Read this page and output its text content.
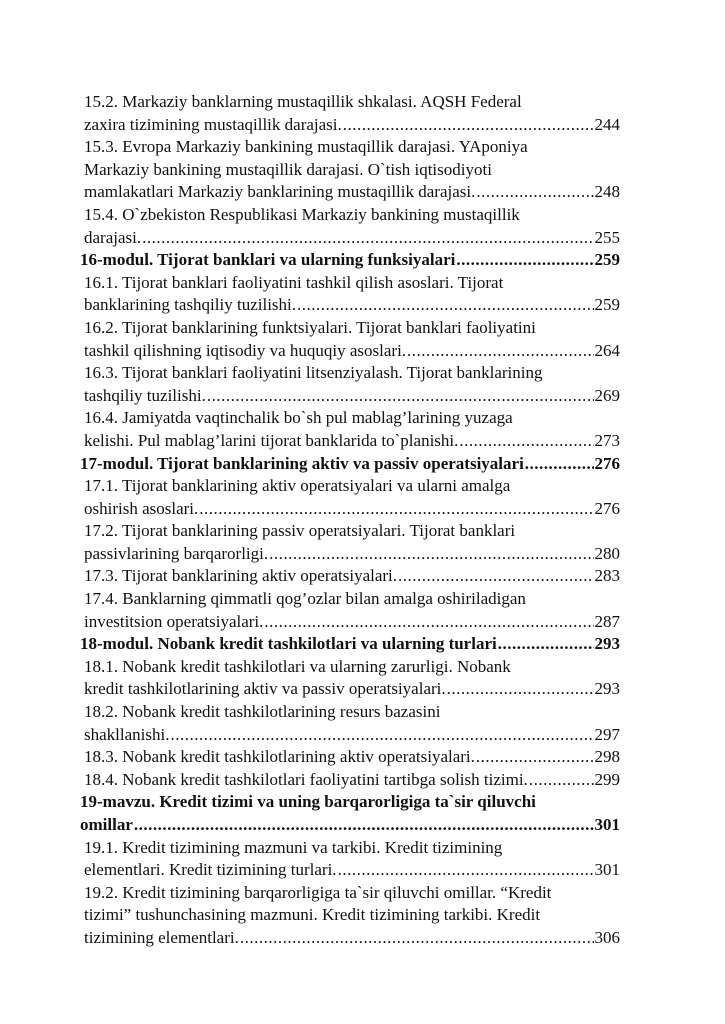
15.2. Markaziy banklarning mustaqillik shkalasi. AQSH Federal
zaxira tizimining mustaqillik darajasi. .....	244
15.3. Evropa Markaziy bankining mustaqillik darajasi. YAponiya
Markaziy bankining mustaqillik darajasi. O`tish iqtisodiyoti
mamlakatlari Markaziy banklarining mustaqillik darajasi. .....	248
15.4. O`zbekiston Respublikasi Markaziy bankining mustaqillik
darajasi. .....	255
16-modul. Tijorat banklari va ularning funksiyalari .....	259
16.1. Tijorat banklari faoliyatini tashkil qilish asoslari. Tijorat
banklarining tashqiliy tuzilishi. .....	259
16.2. Tijorat banklarining funktsiyalari. Tijorat banklari faoliyatini
tashkil qilishning iqtisodiy va huquqiy asoslari. .....	264
16.3. Tijorat banklari faoliyatini litsenziyalash. Tijorat banklarining
tashqiliy tuzilishi. .....	269
16.4. Jamiyatda vaqtinchalik bo`sh pul mablag’larining yuzaga
kelishi. Pul mablag’larini tijorat banklarida to`planishi. .....	273
17-modul. Tijorat banklarining aktiv va passiv operatsiyalari .....	276
17.1. Tijorat banklarining aktiv operatsiyalari va ularni amalga
oshirish asoslari. .....	276
17.2. Tijorat banklarining passiv operatsiyalari. Tijorat banklari
passivlarining barqarorligi. .....	280
17.3. Tijorat banklarining aktiv operatsiyalari. .....	283
17.4. Banklarning qimmatli qog’ozlar bilan amalga oshiriladigan
investitsion operatsiyalari. .....	287
18-modul. Nobank kredit tashkilotlari va ularning turlari .....	293
18.1. Nobank kredit tashkilotlari va ularning zarurligi. Nobank
kredit tashkilotlarining aktiv va passiv operatsiyalari. .....	293
18.2. Nobank kredit tashkilotlarining resurs bazasini
shakllanishi. .....	297
18.3. Nobank kredit tashkilotlarining aktiv operatsiyalari. .....	298
18.4. Nobank kredit tashkilotlari faoliyatini tartibga solish tizimi. .....	299
19-mavzu. Kredit tizimi va uning barqarorligiga ta`sir qiluvchi
omillar .....	301
19.1. Kredit tizimining mazmuni va tarkibi. Kredit tizimining
elementlari. Kredit tizimining turlari. .....	301
19.2. Kredit tizimining barqarorligiga ta`sir qiluvchi omillar. “Kredit
tizimi” tushunchasining mazmuni. Kredit tizimining tarkibi. Kredit
tizimining elementlari. .....	306
